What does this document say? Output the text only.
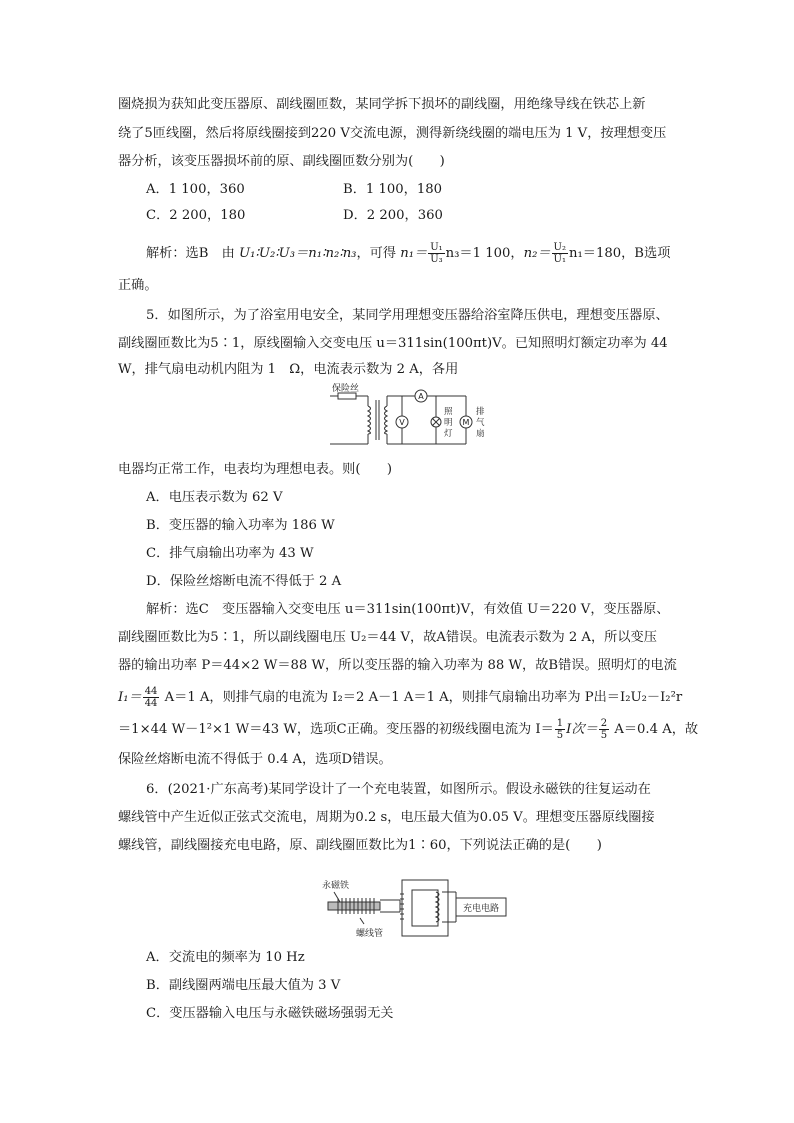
圈烧损为获知此变压器原、副线圈匝数，某同学拆下损坏的副线圈，用绝缘导线在铁芯上新
绕了5匝线圈，然后将原线圈接到220 V交流电源，测得新绕线圈的端电压为 1 V，按理想变压
器分析，该变压器损坏前的原、副线圈匝数分别为(　　)
A．1 100，360	B．1 100，180
C．2 200，180	D．2 200，360
解析：选B　由 U₁∶U₂∶U₃＝n₁∶n₂∶n₃，可得 $n_1= \frac{\text{U₁}}{\text{U₃}} n_3=1$ 100，$n_2= \frac{\text{U₂}}{\text{U₁}} n_1=180$，B选项
正确。
5．如图所示，为了浴室用电安全，某同学用理想变压器给浴室降压供电，理想变压器原、
副线圈匝数比为5∶1，原线圈输入交变电压 u＝311sin(100πt)V。已知照明灯额定功率为 44
W，排气扇电动机内阻为 1　Ω，电流表示数为 2 A，各用
保险丝
A
V
照
明
灯
M
排
气
扇
电器均正常工作，电表均为理想电表。则(　　)
A．电压表示数为 62 V
B．变压器的输入功率为 186 W
C．排气扇输出功率为 43 W
D．保险丝熔断电流不得低于 2 A
解析：选C　变压器输入交变电压 u＝311sin(100πt)V，有效值 U＝220 V，变压器原、
副线圈匝数比为5∶1，所以副线圈电压 U₂＝44 V，故A错误。电流表示数为 2 A，所以变压
器的输出功率 P＝44×2 W＝88 W，所以变压器的输入功率为 88 W，故B错误。照明灯的电流
$I_1= \frac{44}{44} A=1$ A，则排气扇的电流为 I₂＝2 A－1 A＝1 A，则排气扇输出功率为 P出＝I₂U₂－I₂²r
＝1×44 W－1²×1 W＝43 W，选项C正确。变压器的初级线圈电流为 $I= \frac{1}{5}$ I次＝ $\frac{2}{5} A=0.4$ A，故
保险丝熔断电流不得低于 0.4 A，选项D错误。
6．(2021·广东高考)某同学设计了一个充电装置，如图所示。假设永磁铁的往复运动在
螺线管中产生近似正弦式交流电，周期为0.2 s，电压最大值为0.05 V。理想变压器原线圈接
螺线管，副线圈接充电电路，原、副线圈匝数比为1∶60，下列说法正确的是(　　)
永磁铁
螺线管
充电电路
A．交流电的频率为 10 Hz
B．副线圈两端电压最大值为 3 V
C．变压器输入电压与永磁铁磁场强弱无关
